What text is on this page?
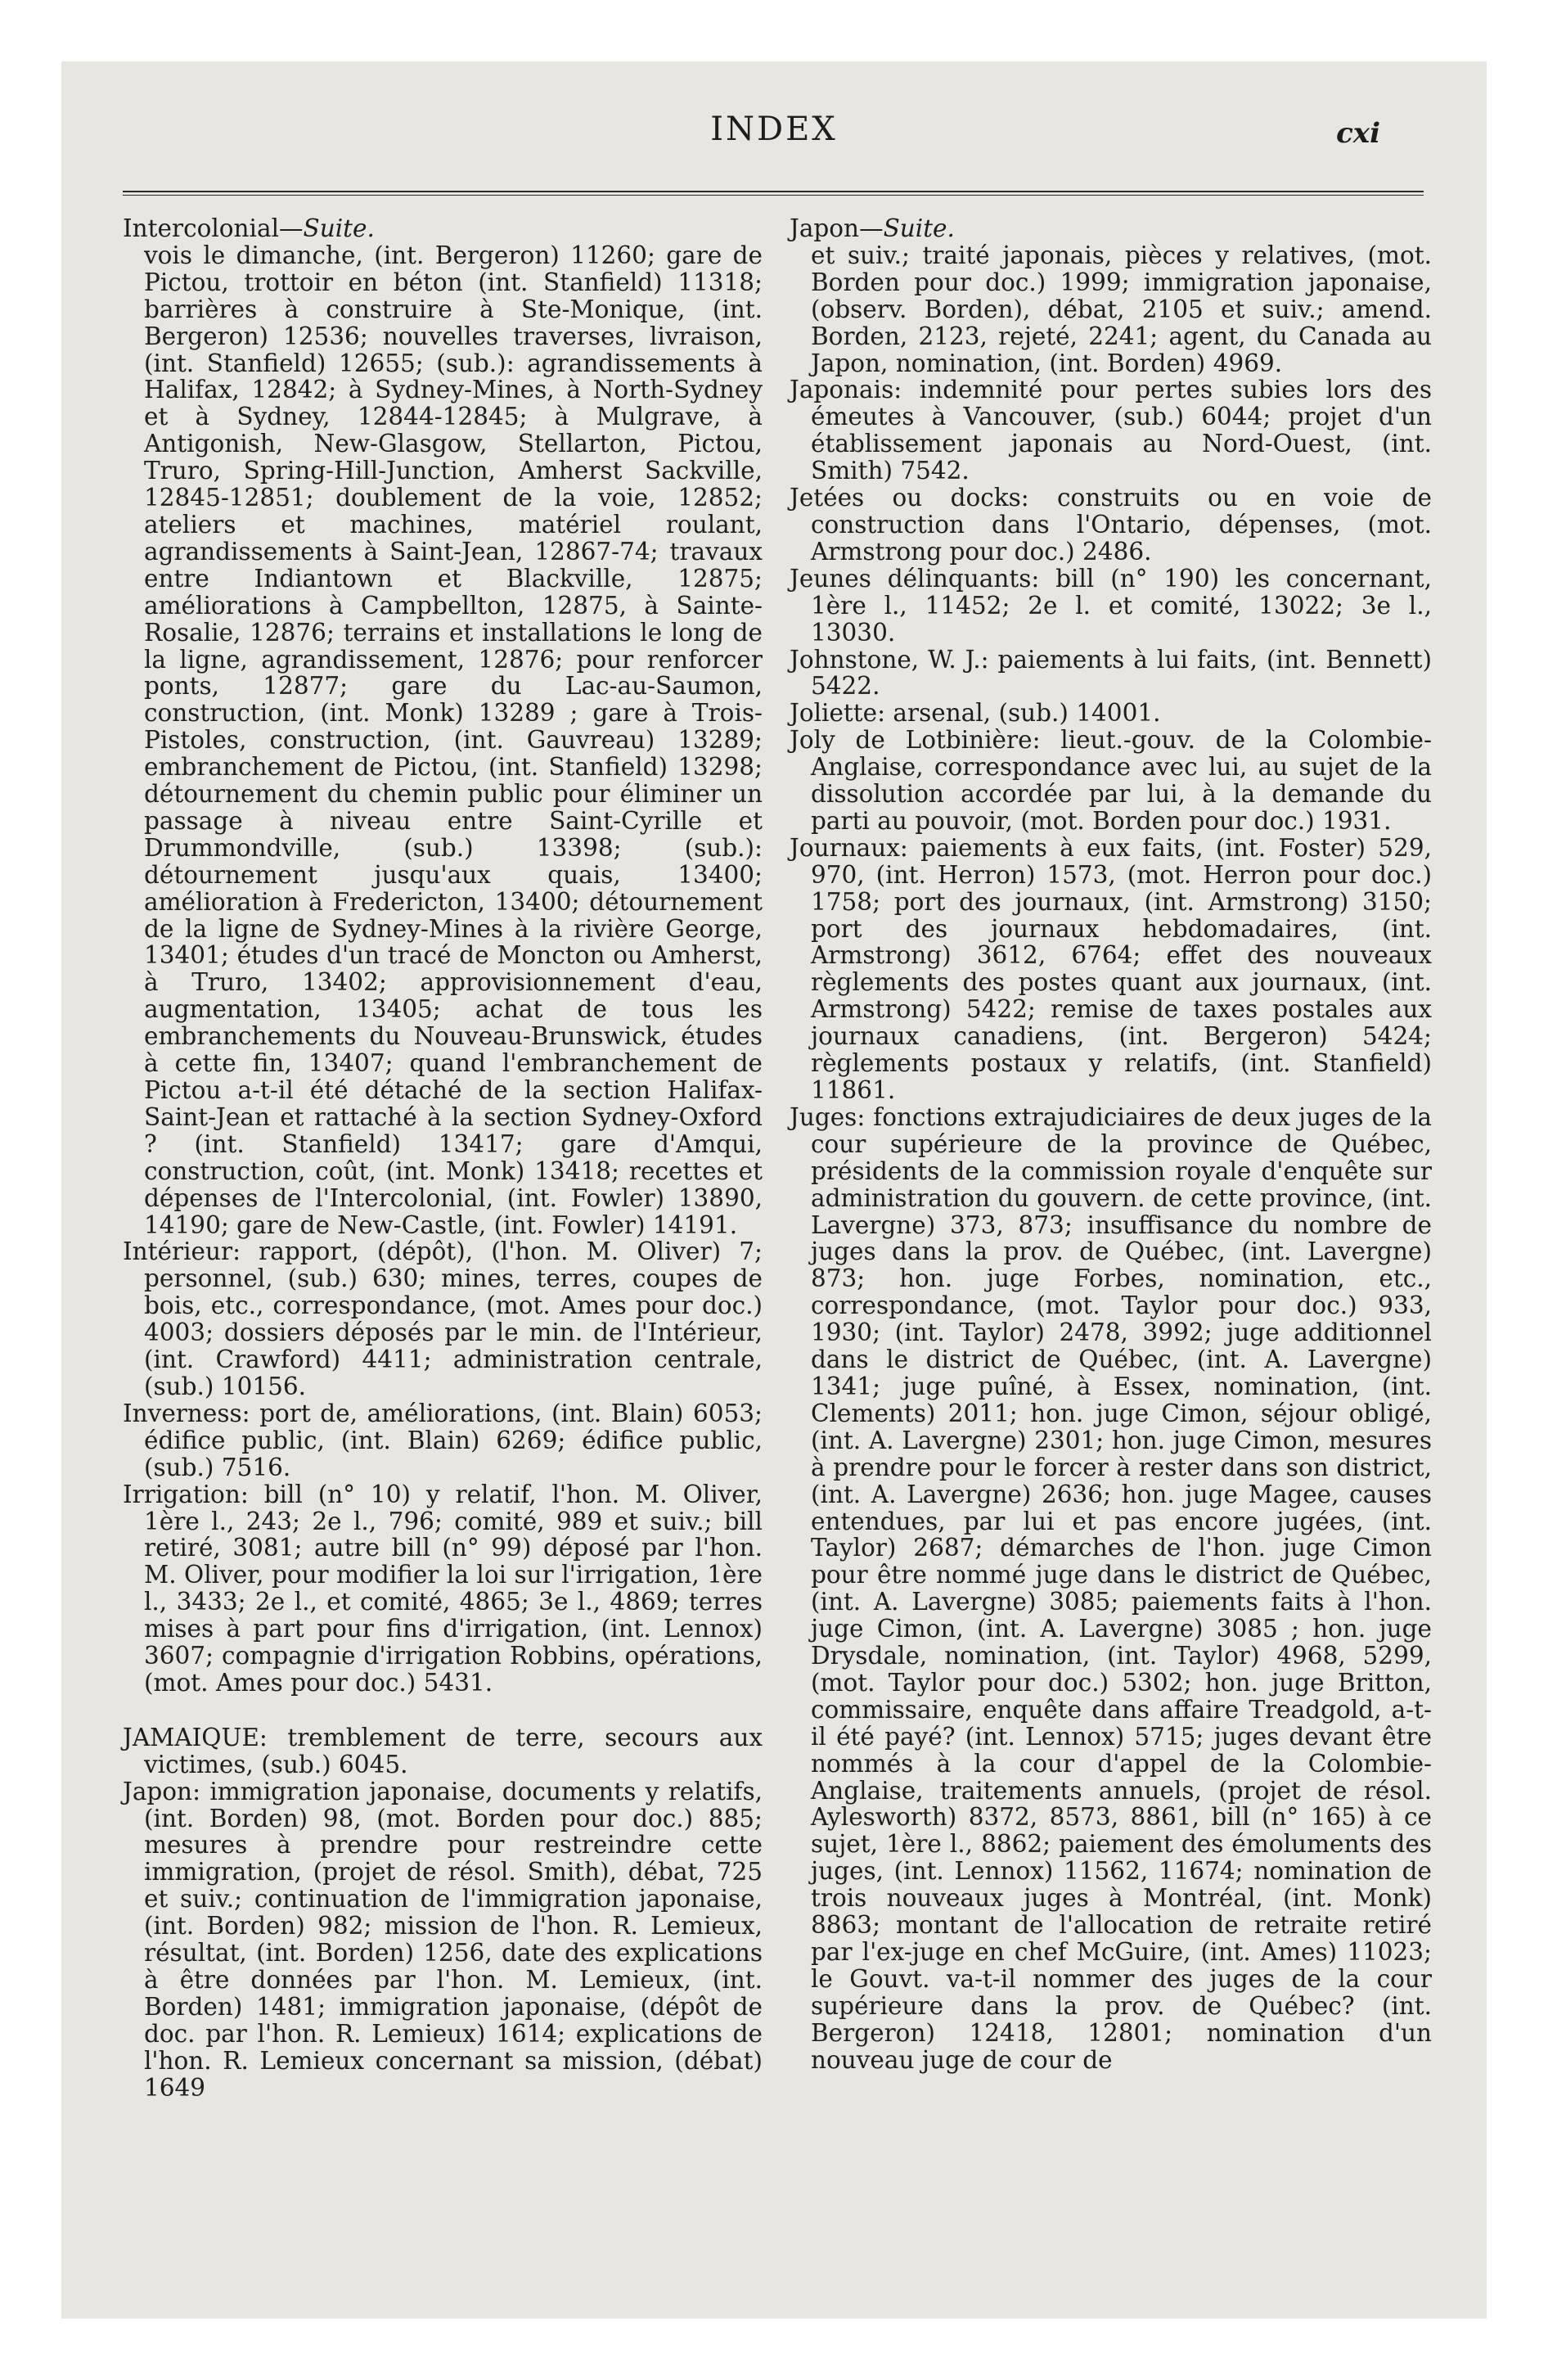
INDEX	cxi

Intercolonial—Suite.
vois le dimanche, (int. Bergeron) 11260; gare de Pictou, trottoir en béton (int. Stanfield) 11318; barrières à construire à Ste-Monique, (int. Bergeron) 12536; nouvelles traverses, livraison, (int. Stanfield) 12655; (sub.): agrandissements à Halifax, 12842; à Sydney-Mines, à North-Sydney et à Sydney, 12844-12845; à Mulgrave, à Antigonish, New-Glasgow, Stellarton, Pictou, Truro, Spring-Hill-Junction, Amherst Sackville, 12845-12851; doublement de la voie, 12852; ateliers et machines, matériel roulant, agrandissements à Saint-Jean, 12867-74; travaux entre Indiantown et Blackville, 12875; améliorations à Campbellton, 12875, à Sainte-Rosalie, 12876; terrains et installations le long de la ligne, agrandissement, 12876; pour renforcer ponts, 12877; gare du Lac-au-Saumon, construction, (int. Monk) 13289 ; gare à Trois-Pistoles, construction, (int. Gauvreau) 13289; embranchement de Pictou, (int. Stanfield) 13298; détournement du chemin public pour éliminer un passage à niveau entre Saint-Cyrille et Drummondville, (sub.) 13398; (sub.): détournement jusqu'aux quais, 13400; amélioration à Fredericton, 13400; détournement de la ligne de Sydney-Mines à la rivière George, 13401; études d'un tracé de Moncton ou Amherst, à Truro, 13402; approvisionnement d'eau, augmentation, 13405; achat de tous les embranchements du Nouveau-Brunswick, études à cette fin, 13407; quand l'embranchement de Pictou a-t-il été détaché de la section Halifax-Saint-Jean et rattaché à la section Sydney-Oxford ? (int. Stanfield) 13417; gare d'Amqui, construction, coût, (int. Monk) 13418; recettes et dépenses de l'Intercolonial, (int. Fowler) 13890, 14190; gare de New-Castle, (int. Fowler) 14191.

Intérieur: rapport, (dépôt), (l'hon. M. Oliver) 7; personnel, (sub.) 630; mines, terres, coupes de bois, etc., correspondance, (mot. Ames pour doc.) 4003; dossiers déposés par le min. de l'Intérieur, (int. Crawford) 4411; administration centrale, (sub.) 10156.

Inverness: port de, améliorations, (int. Blain) 6053; édifice public, (int. Blain) 6269; édifice public, (sub.) 7516.

Irrigation: bill (n° 10) y relatif, l'hon. M. Oliver, 1ère l., 243; 2e l., 796; comité, 989 et suiv.; bill retiré, 3081; autre bill (n° 99) déposé par l'hon. M. Oliver, pour modifier la loi sur l'irrigation, 1ère l., 3433; 2e l., et comité, 4865; 3e l., 4869; terres mises à part pour fins d'irrigation, (int. Lennox) 3607; compagnie d'irrigation Robbins, opérations, (mot. Ames pour doc.) 5431.

JAMAIQUE: tremblement de terre, secours aux victimes, (sub.) 6045.

Japon: immigration japonaise, documents y relatifs, (int. Borden) 98, (mot. Borden pour doc.) 885; mesures à prendre pour restreindre cette immigration, (projet de résol. Smith), débat, 725 et suiv.; continuation de l'immigration japonaise, (int. Borden) 982; mission de l'hon. R. Lemieux, résultat, (int. Borden) 1256, date des explications à être données par l'hon. M. Lemieux, (int. Borden) 1481; immigration japonaise, (dépôt de doc. par l'hon. R. Lemieux) 1614; explications de l'hon. R. Lemieux concernant sa mission, (débat) 1649

Japon—Suite.
et suiv.; traité japonais, pièces y relatives, (mot. Borden pour doc.) 1999; immigration japonaise, (observ. Borden), débat, 2105 et suiv.; amend. Borden, 2123, rejeté, 2241; agent, du Canada au Japon, nomination, (int. Borden) 4969.

Japonais: indemnité pour pertes subies lors des émeutes à Vancouver, (sub.) 6044; projet d'un établissement japonais au Nord-Ouest, (int. Smith) 7542.

Jetées ou docks: construits ou en voie de construction dans l'Ontario, dépenses, (mot. Armstrong pour doc.) 2486.

Jeunes délinquants: bill (n° 190) les concernant, 1ère l., 11452; 2e l. et comité, 13022; 3e l., 13030.

Johnstone, W. J.: paiements à lui faits, (int. Bennett) 5422.

Joliette: arsenal, (sub.) 14001.

Joly de Lotbinière: lieut.-gouv. de la Colombie-Anglaise, correspondance avec lui, au sujet de la dissolution accordée par lui, à la demande du parti au pouvoir, (mot. Borden pour doc.) 1931.

Journaux: paiements à eux faits, (int. Foster) 529, 970, (int. Herron) 1573, (mot. Herron pour doc.) 1758; port des journaux, (int. Armstrong) 3150; port des journaux hebdomadaires, (int. Armstrong) 3612, 6764; effet des nouveaux règlements des postes quant aux journaux, (int. Armstrong) 5422; remise de taxes postales aux journaux canadiens, (int. Bergeron) 5424; règlements postaux y relatifs, (int. Stanfield) 11861.

Juges: fonctions extrajudiciaires de deux juges de la cour supérieure de la province de Québec, présidents de la commission royale d'enquête sur administration du gouvern. de cette province, (int. Lavergne) 373, 873; insuffisance du nombre de juges dans la prov. de Québec, (int. Lavergne) 873; hon. juge Forbes, nomination, etc., correspondance, (mot. Taylor pour doc.) 933, 1930; (int. Taylor) 2478, 3992; juge additionnel dans le district de Québec, (int. A. Lavergne) 1341; juge puîné, à Essex, nomination, (int. Clements) 2011; hon. juge Cimon, séjour obligé, (int. A. Lavergne) 2301; hon. juge Cimon, mesures à prendre pour le forcer à rester dans son district, (int. A. Lavergne) 2636; hon. juge Magee, causes entendues, par lui et pas encore jugées, (int. Taylor) 2687; démarches de l'hon. juge Cimon pour être nommé juge dans le district de Québec, (int. A. Lavergne) 3085; paiements faits à l'hon. juge Cimon, (int. A. Lavergne) 3085 ; hon. juge Drysdale, nomination, (int. Taylor) 4968, 5299, (mot. Taylor pour doc.) 5302; hon. juge Britton, commissaire, enquête dans affaire Treadgold, a-t-il été payé? (int. Lennox) 5715; juges devant être nommés à la cour d'appel de la Colombie-Anglaise, traitements annuels, (projet de résol. Aylesworth) 8372, 8573, 8861, bill (n° 165) à ce sujet, 1ère l., 8862; paiement des émoluments des juges, (int. Lennox) 11562, 11674; nomination de trois nouveaux juges à Montréal, (int. Monk) 8863; montant de l'allocation de retraite retiré par l'ex-juge en chef McGuire, (int. Ames) 11023; le Gouvt. va-t-il nommer des juges de la cour supérieure dans la prov. de Québec? (int. Bergeron) 12418, 12801; nomination d'un nouveau juge de cour de
